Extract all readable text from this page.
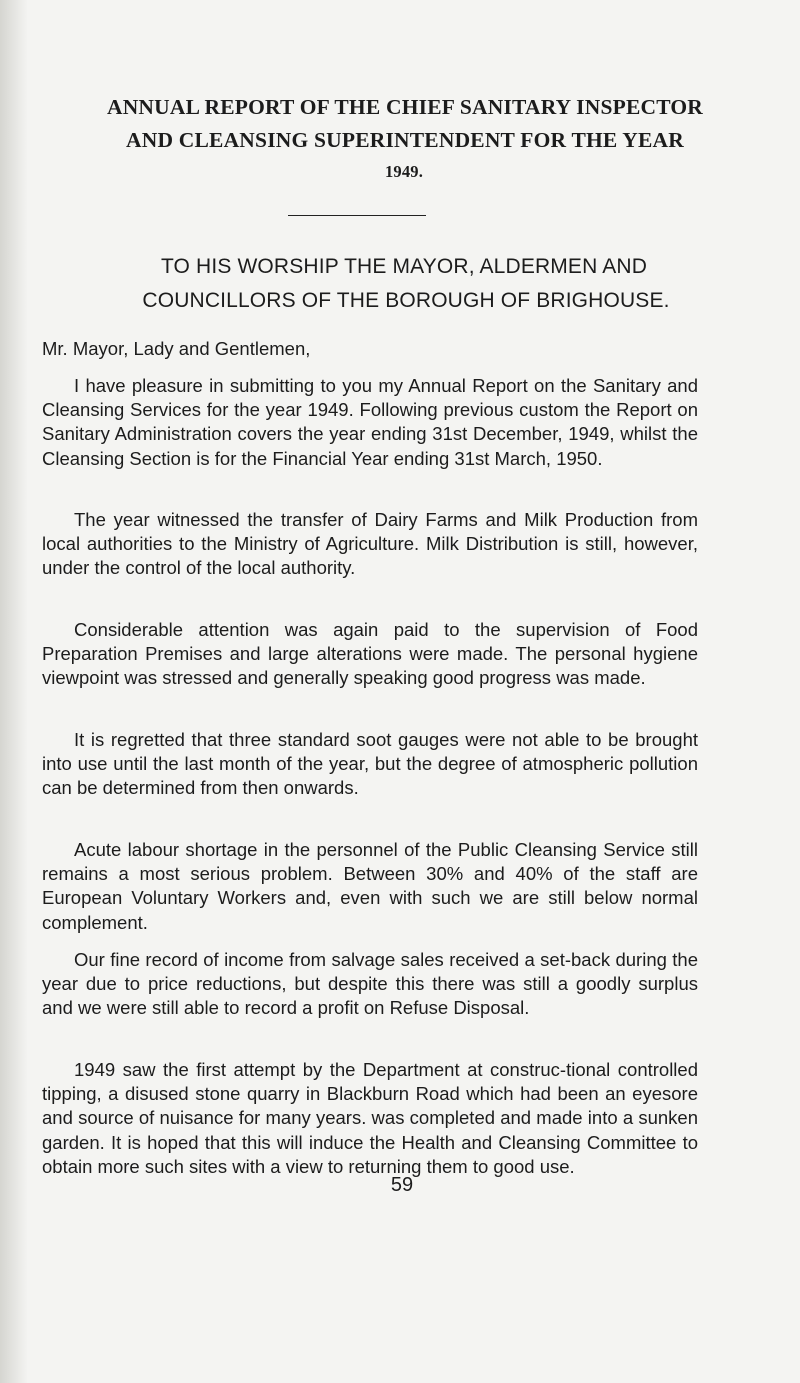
ANNUAL REPORT OF THE CHIEF SANITARY INSPECTOR
AND CLEANSING SUPERINTENDENT FOR THE YEAR
1949.
TO HIS WORSHIP THE MAYOR, ALDERMEN AND
COUNCILLORS OF THE BOROUGH OF BRIGHOUSE.
Mr. Mayor, Lady and Gentlemen,

I have pleasure in submitting to you my Annual Report on the Sanitary and Cleansing Services for the year 1949. Following previous custom the Report on Sanitary Administration covers the year ending 31st December, 1949, whilst the Cleansing Section is for the Financial Year ending 31st March, 1950.

The year witnessed the transfer of Dairy Farms and Milk Production from local authorities to the Ministry of Agriculture. Milk Distribution is still, however, under the control of the local authority.

Considerable attention was again paid to the supervision of Food Preparation Premises and large alterations were made. The personal hygiene viewpoint was stressed and generally speaking good progress was made.

It is regretted that three standard soot gauges were not able to be brought into use until the last month of the year, but the degree of atmospheric pollution can be determined from then onwards.

Acute labour shortage in the personnel of the Public Cleansing Service still remains a most serious problem. Between 30% and 40% of the staff are European Voluntary Workers and, even with such we are still below normal complement.

Our fine record of income from salvage sales received a set-back during the year due to price reductions, but despite this there was still a goodly surplus and we were still able to record a profit on Refuse Disposal.

1949 saw the first attempt by the Department at construc-tional controlled tipping, a disused stone quarry in Blackburn Road which had been an eyesore and source of nuisance for many years. was completed and made into a sunken garden. It is hoped that this will induce the Health and Cleansing Committee to obtain more such sites with a view to returning them to good use.

59
